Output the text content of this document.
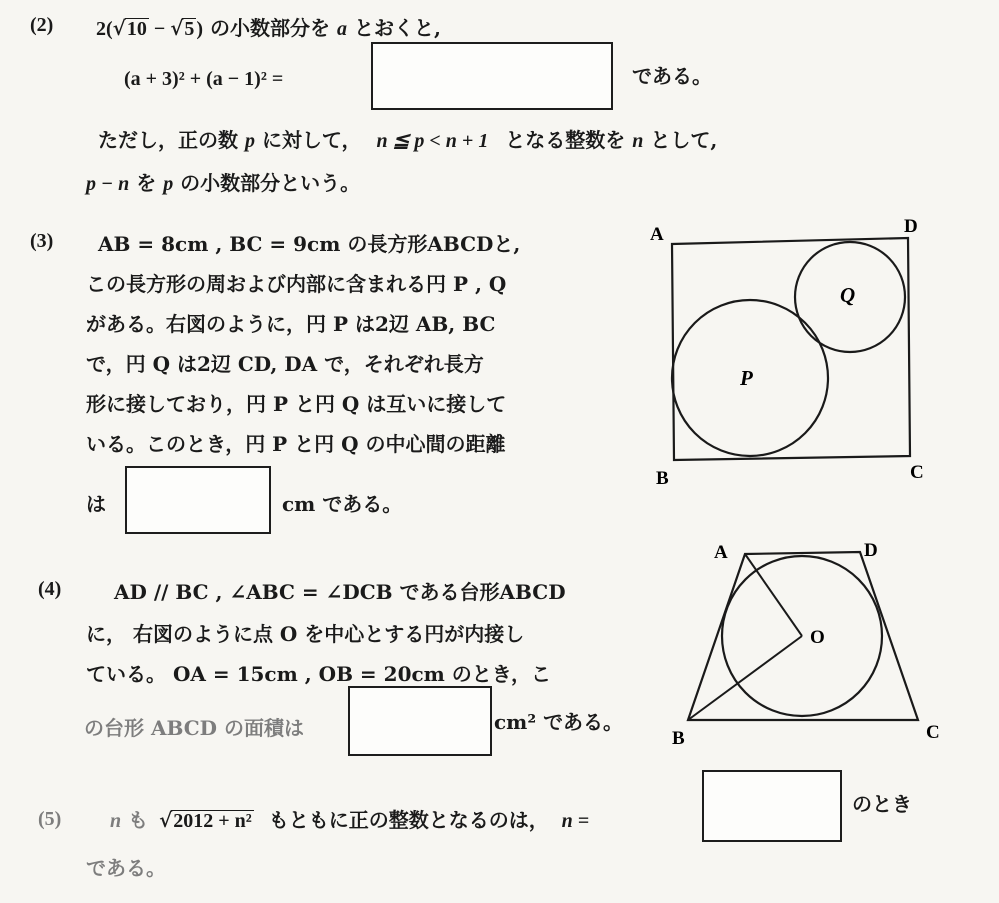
(2) 2(√10 − √5 ) の小数部分を a とおくと,
(a + 3)² + (a − 1)² =	である。
ただし，正の数 p に対して， n ≦ p < n + 1 となる整数を n として,
p − n を p の小数部分という。
(3) AB = 8cm , BC = 9cm の長方形ABCDと,
この長方形の周および内部に含まれる円 P , Q
がある。右図のように，円 P は2辺 AB, BC
で，円 Q は2辺 CD, DA で，それぞれ長方
形に接しており，円 P と円 Q は互いに接して
いる。このとき，円 P と円 Q の中心間の距離
は	cm である。
A	D
B	C
P
Q
(4)	AD // BC , ∠ABC = ∠DCB である台形ABCD
に， 右図のように点 O を中心とする円が内接し
ている。 OA = 15cm , OB = 20cm のとき，こ
の台形 ABCD の面積は	cm² である。
A	D
B	C
O
(5) n も √2012 + n² もともに正の整数となるのは， n =
のとき
である。
